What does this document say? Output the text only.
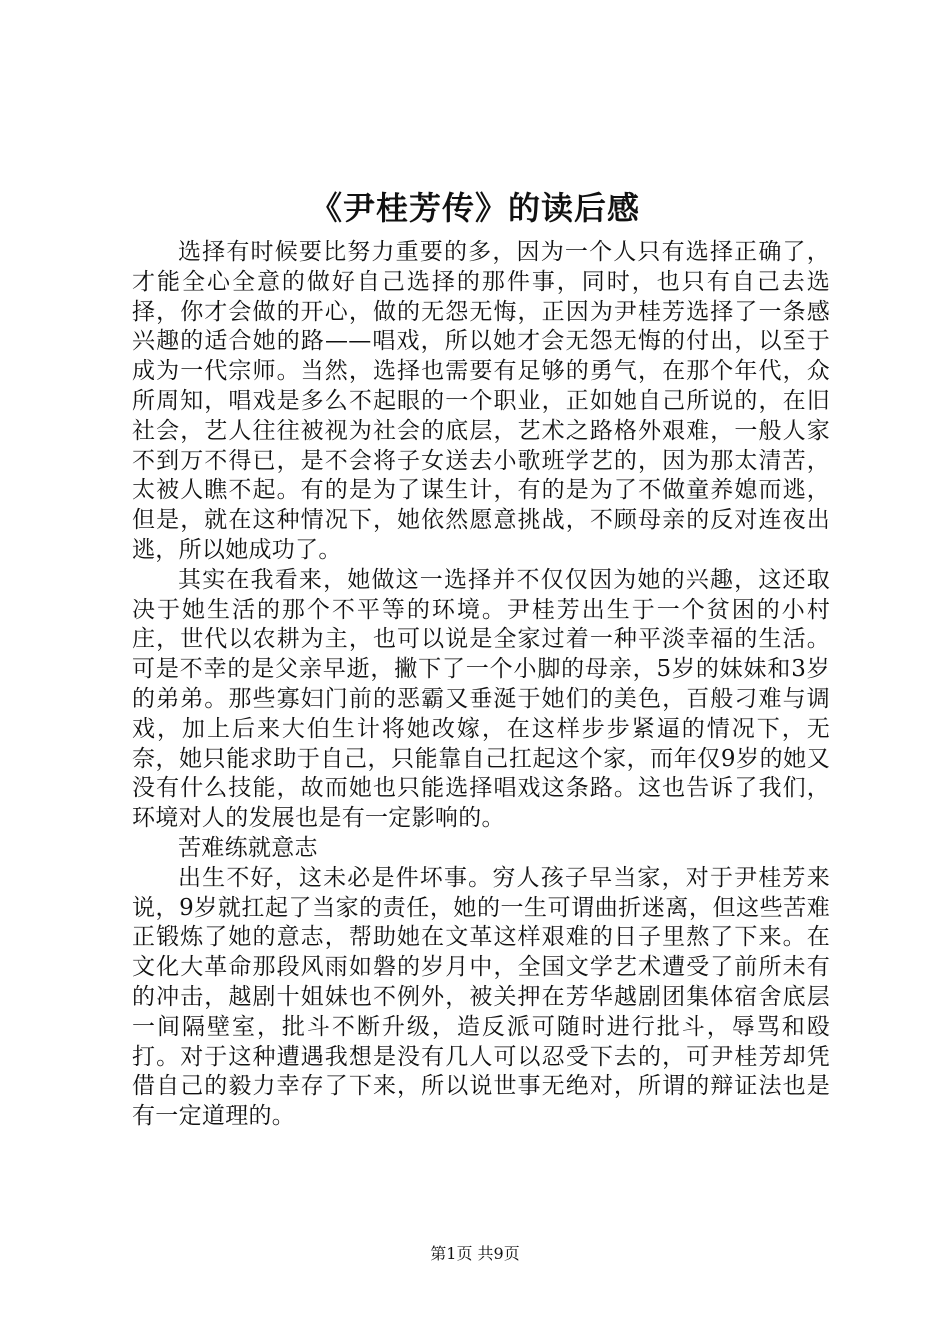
《尹桂芳传》的读后感

选择有时候要比努力重要的多，因为一个人只有选择正确了，才能全心全意的做好自己选择的那件事，同时，也只有自己去选择，你才会做的开心，做的无怨无悔，正因为尹桂芳选择了一条感兴趣的适合她的路——唱戏，所以她才会无怨无悔的付出，以至于成为一代宗师。当然，选择也需要有足够的勇气，在那个年代，众所周知，唱戏是多么不起眼的一个职业，正如她自己所说的，在旧社会，艺人往往被视为社会的底层，艺术之路格外艰难，一般人家不到万不得已，是不会将子女送去小歌班学艺的，因为那太清苦，太被人瞧不起。有的是为了谋生计，有的是为了不做童养媳而逃，但是，就在这种情况下，她依然愿意挑战，不顾母亲的反对连夜出逃，所以她成功了。

其实在我看来，她做这一选择并不仅仅因为她的兴趣，这还取决于她生活的那个不平等的环境。尹桂芳出生于一个贫困的小村庄，世代以农耕为主，也可以说是全家过着一种平淡幸福的生活。可是不幸的是父亲早逝，撇下了一个小脚的母亲，5岁的妹妹和3岁的弟弟。那些寡妇门前的恶霸又垂涎于她们的美色，百般刁难与调戏，加上后来大伯生计将她改嫁，在这样步步紧逼的情况下，无奈，她只能求助于自己，只能靠自己扛起这个家，而年仅9岁的她又没有什么技能，故而她也只能选择唱戏这条路。这也告诉了我们，环境对人的发展也是有一定影响的。

苦难练就意志

出生不好，这未必是件坏事。穷人孩子早当家，对于尹桂芳来说，9岁就扛起了当家的责任，她的一生可谓曲折迷离，但这些苦难正锻炼了她的意志，帮助她在文革这样艰难的日子里熬了下来。在文化大革命那段风雨如磐的岁月中，全国文学艺术遭受了前所未有的冲击，越剧十姐妹也不例外，被关押在芳华越剧团集体宿舍底层一间隔壁室，批斗不断升级，造反派可随时进行批斗，辱骂和殴打。对于这种遭遇我想是没有几人可以忍受下去的，可尹桂芳却凭借自己的毅力幸存了下来，所以说世事无绝对，所谓的辩证法也是有一定道理的。

第1页 共9页
